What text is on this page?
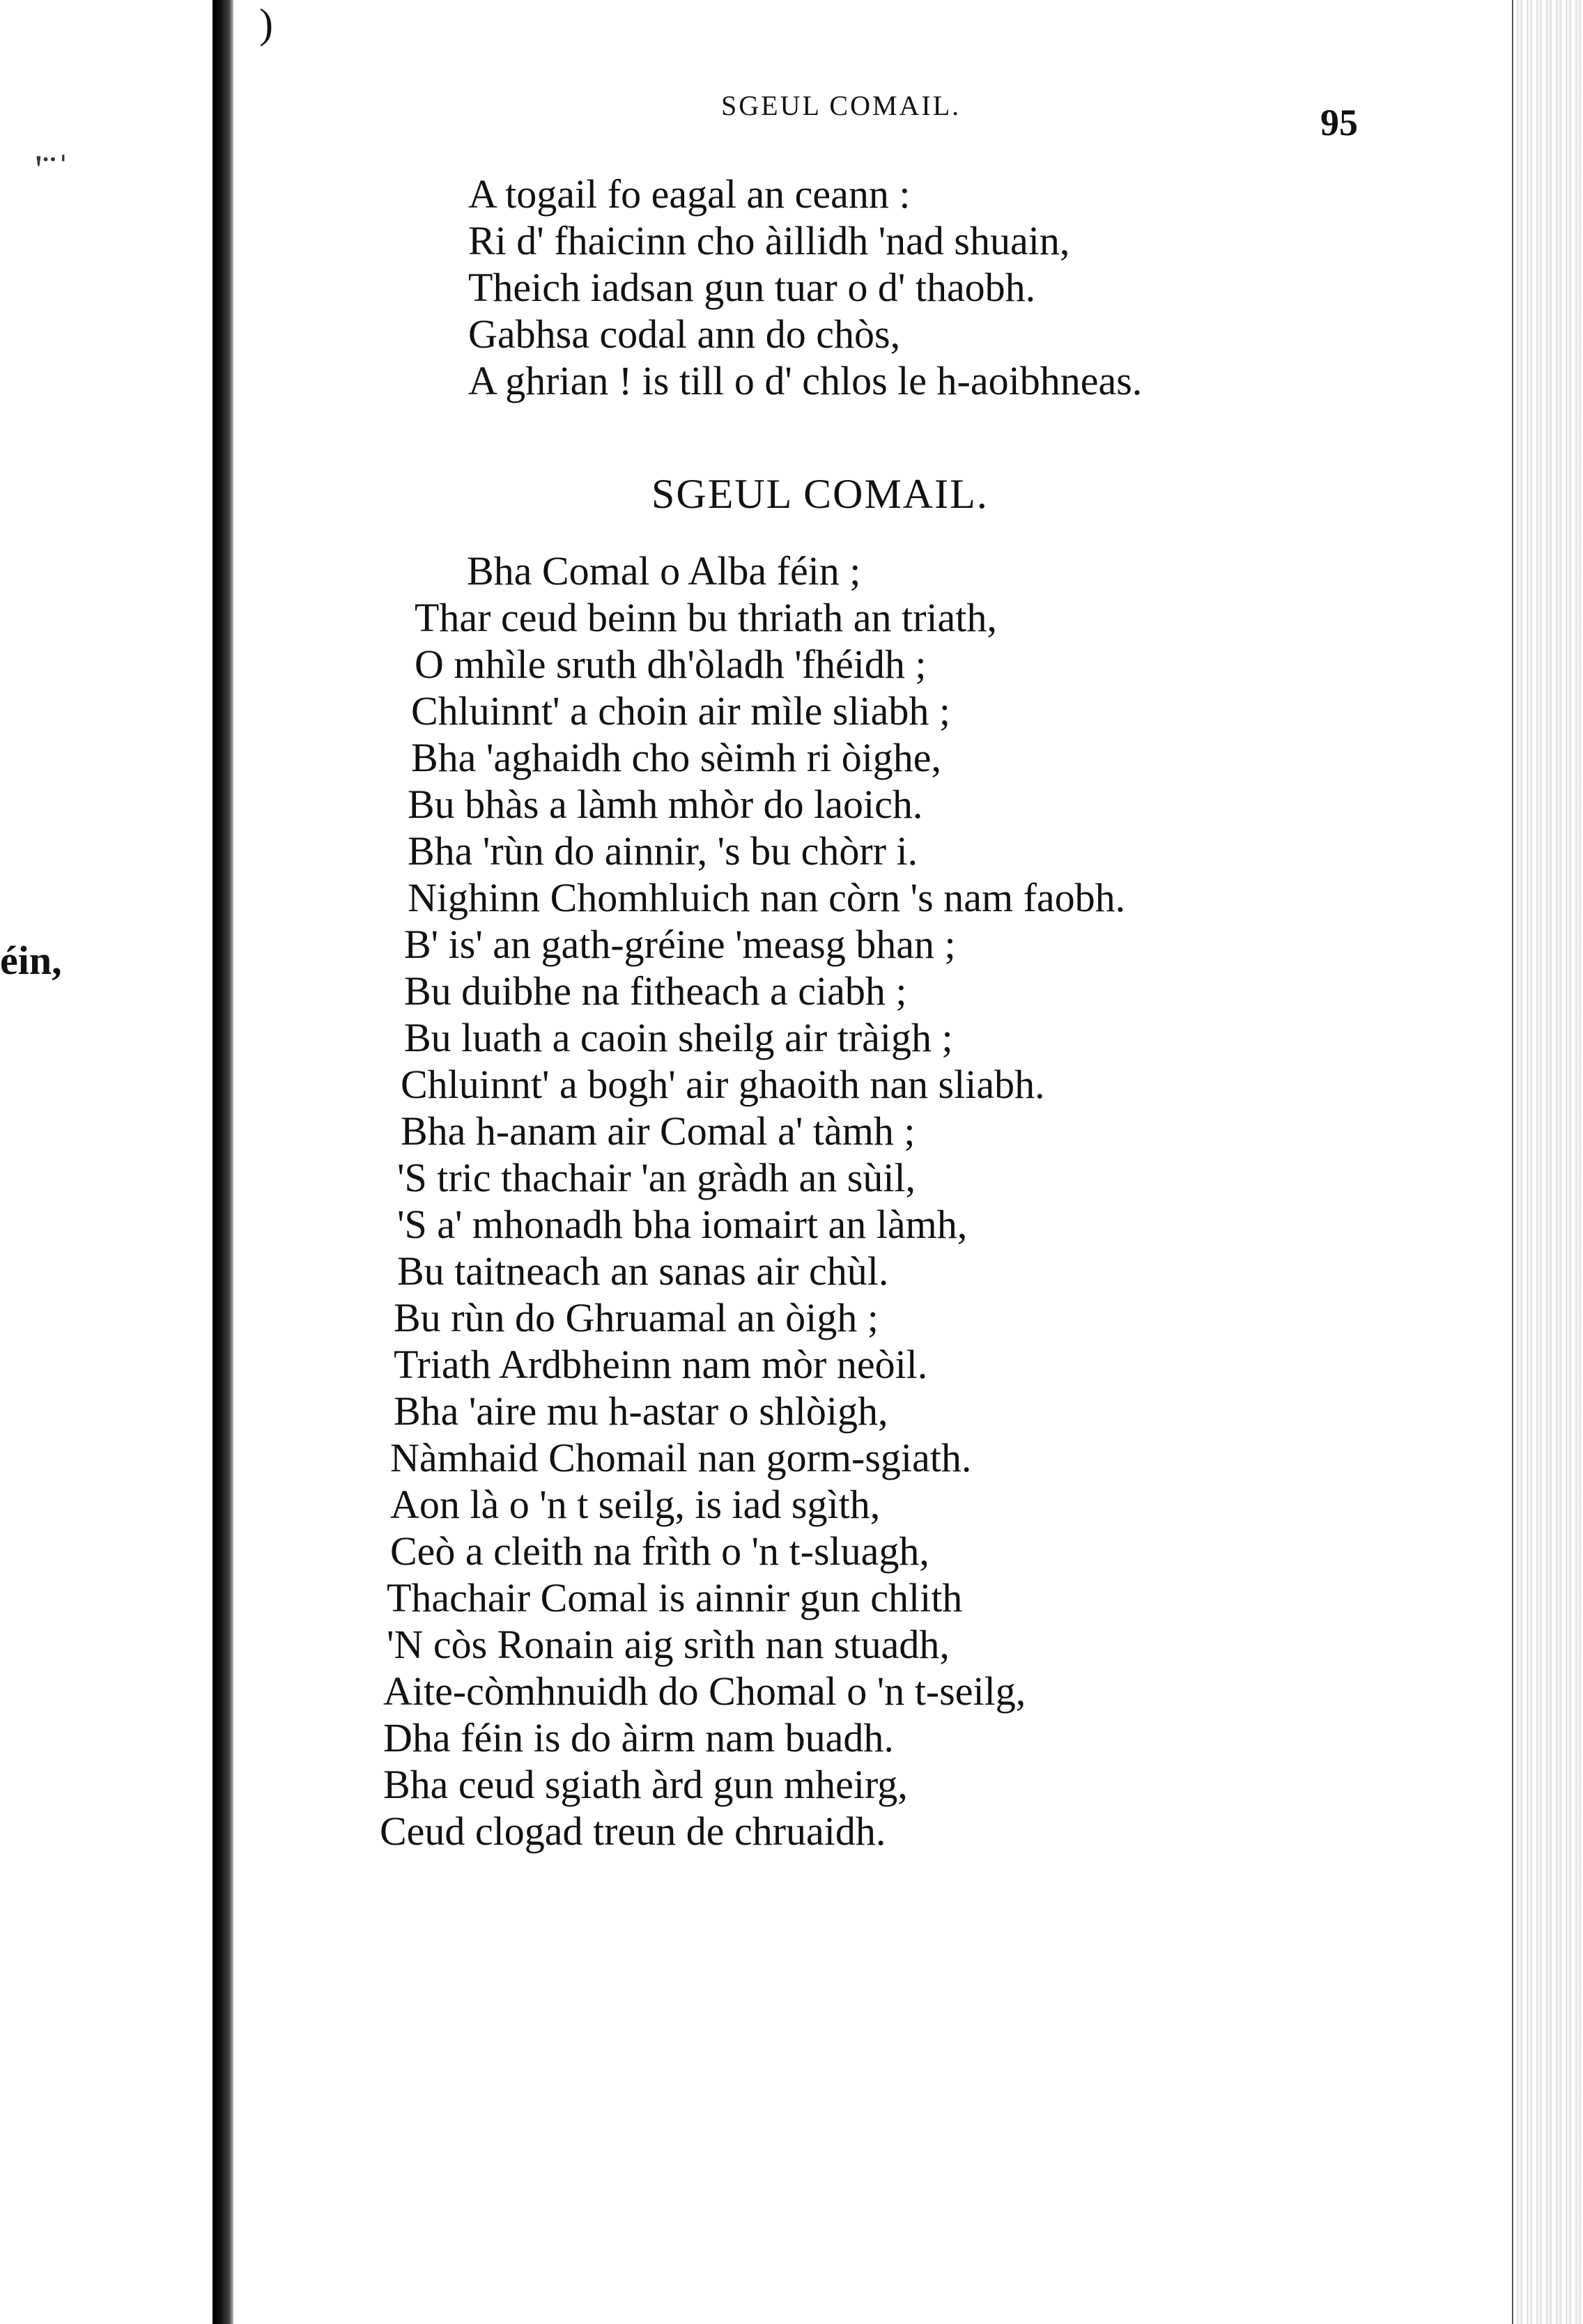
'¨ˈ
éin,
)
SGEUL COMAIL.	95
A togail fo eagal an ceann :
Ri d' fhaicinn cho àillidh 'nad shuain,
Theich iadsan gun tuar o d' thaobh.
Gabhsa codal ann do chòs,
A ghrian ! is till o d' chlos le h-aoibhneas.
SGEUL COMAIL.
Bha Comal o Alba féin ;
Thar ceud beinn bu thriath an triath,
O mhìle sruth dh'òladh 'fhéidh ;
Chluinnt' a choin air mìle sliabh ;
Bha 'aghaidh cho sèimh ri òighe,
Bu bhàs a làmh mhòr do laoich.
Bha 'rùn do ainnir, 's bu chòrr i.
Nighinn Chomhluich nan còrn 's nam faobh.
B' is' an gath-gréine 'measg bhan ;
Bu duibhe na fitheach a ciabh ;
Bu luath a caoin sheilg air tràigh ;
Chluinnt' a bogh' air ghaoith nan sliabh.
Bha h-anam air Comal a' tàmh ;
'S tric thachair 'an gràdh an sùil,
'S a' mhonadh bha iomairt an làmh,
Bu taitneach an sanas air chùl.
Bu rùn do Ghruamal an òigh ;
Triath Ardbheinn nam mòr neòil.
Bha 'aire mu h-astar o shlòigh,
Nàmhaid Chomail nan gorm-sgiath.
Aon là o 'n t seilg, is iad sgìth,
Ceò a cleith na frìth o 'n t-sluagh,
Thachair Comal is ainnir gun chlith
'N còs Ronain aig srìth nan stuadh,
Aite-còmhnuidh do Chomal o 'n t-seilg,
Dha féin is do àirm nam buadh.
Bha ceud sgiath àrd gun mheirg,
Ceud clogad treun de chruaidh.
